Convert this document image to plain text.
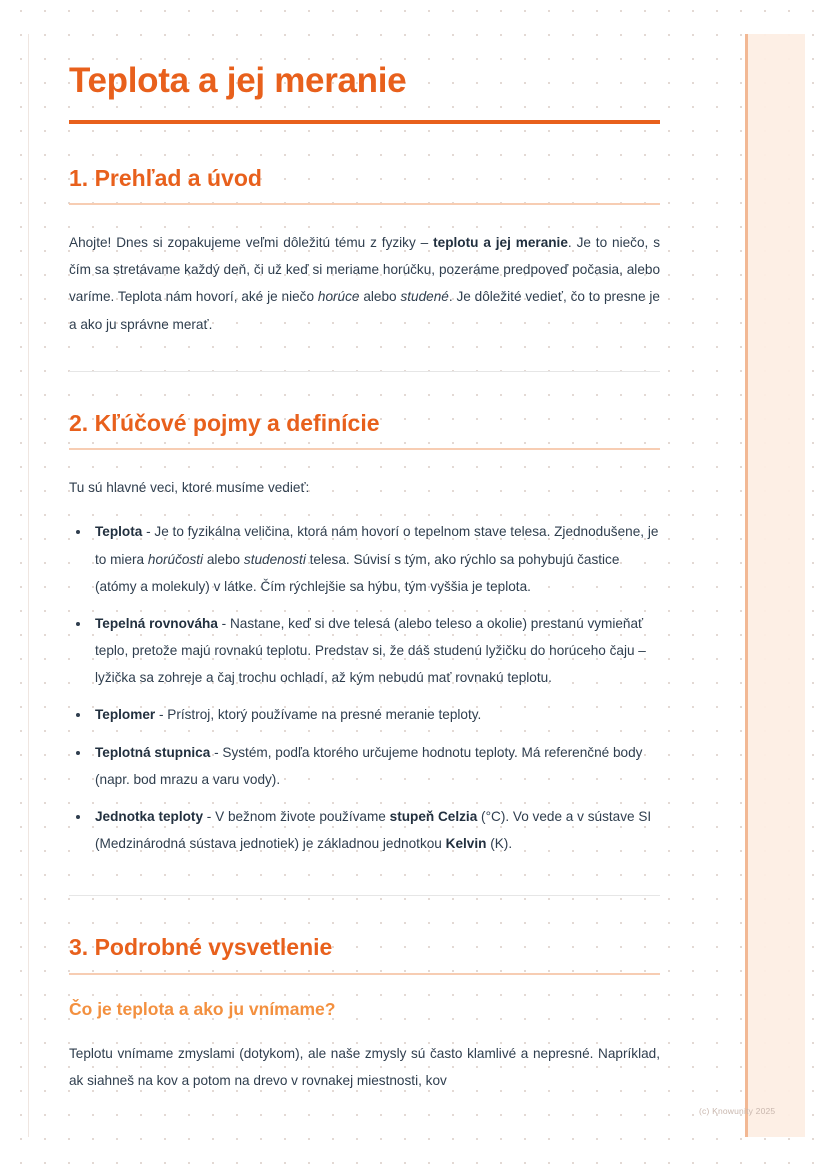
Teplota a jej meranie
1. Prehľad a úvod

Ahojte! Dnes si zopakujeme veľmi dôležitú tému z fyziky – teplotu a jej meranie. Je to niečo, s čím sa stretávame každý deň, či už keď si meriame horúčku, pozeráme predpoveď počasia, alebo varíme. Teplota nám hovorí, aké je niečo horúce alebo studené. Je dôležité vedieť, čo to presne je a ako ju správne merať.

2. Kľúčové pojmy a definície

Tu sú hlavné veci, ktoré musíme vedieť:

Teplota - Je to fyzikálna veličina, ktorá nám hovorí o tepelnom stave telesa. Zjednodušene, je to miera horúčosti alebo studenosti telesa. Súvisí s tým, ako rýchlo sa pohybujú častice (atómy a molekuly) v látke. Čím rýchlejšie sa hýbu, tým vyššia je teplota.
Tepelná rovnováha - Nastane, keď si dve telesá (alebo teleso a okolie) prestanú vymieňať teplo, pretože majú rovnakú teplotu. Predstav si, že dáš studenú lyžičku do horúceho čaju – lyžička sa zohreje a čaj trochu ochladí, až kým nebudú mať rovnakú teplotu.
Teplomer - Prístroj, ktorý používame na presné meranie teploty.
Teplotná stupnica - Systém, podľa ktorého určujeme hodnotu teploty. Má referenčné body (napr. bod mrazu a varu vody).
Jednotka teploty - V bežnom živote používame stupeň Celzia (°C). Vo vede a v sústave SI (Medzinárodná sústava jednotiek) je základnou jednotkou Kelvin (K).
3. Podrobné vysvetlenie
Čo je teplota a ako ju vnímame?

Teplotu vnímame zmyslami (dotykom), ale naše zmysly sú často klamlivé a nepresné. Napríklad, ak siahneš na kov a potom na drevo v rovnakej miestnosti, kov

(c) Knowunity 2025
